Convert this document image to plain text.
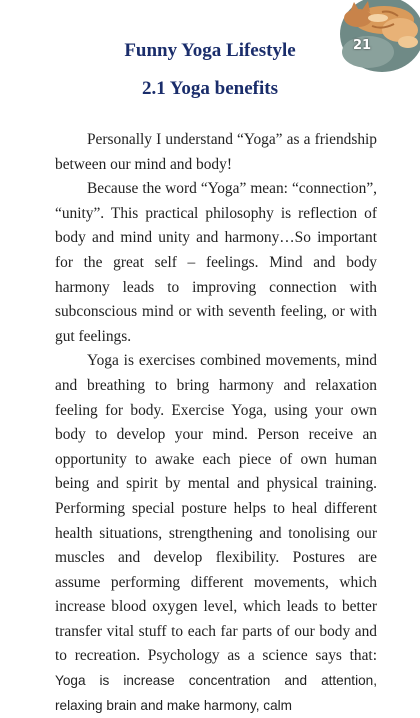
Funny Yoga Lifestyle	21
2.1 Yoga benefits

Personally I understand “Yoga” as a friendship between our mind and body!

Because the word “Yoga” mean: “connection”, “unity”. This practical philosophy is reflection of body and mind unity and harmony…So important for the great self – feelings. Mind and body harmony leads to improving connection with subconscious mind or with seventh feeling, or with gut feelings.

Yoga is exercises combined movements, mind and breathing to bring harmony and relaxation feeling for body. Exercise Yoga, using your own body to develop your mind. Person receive an opportunity to awake each piece of own human being and spirit by mental and physical training. Performing special posture helps to heal different health situations, strengthening and tonolising our muscles and develop flexibility. Postures are assume performing different movements, which increase blood oxygen level, which leads to better transfer vital stuff to each far parts of our body and to recreation. Psychology as a science says that: Yoga is increase concentration and attention, relaxing brain and make harmony, calm
